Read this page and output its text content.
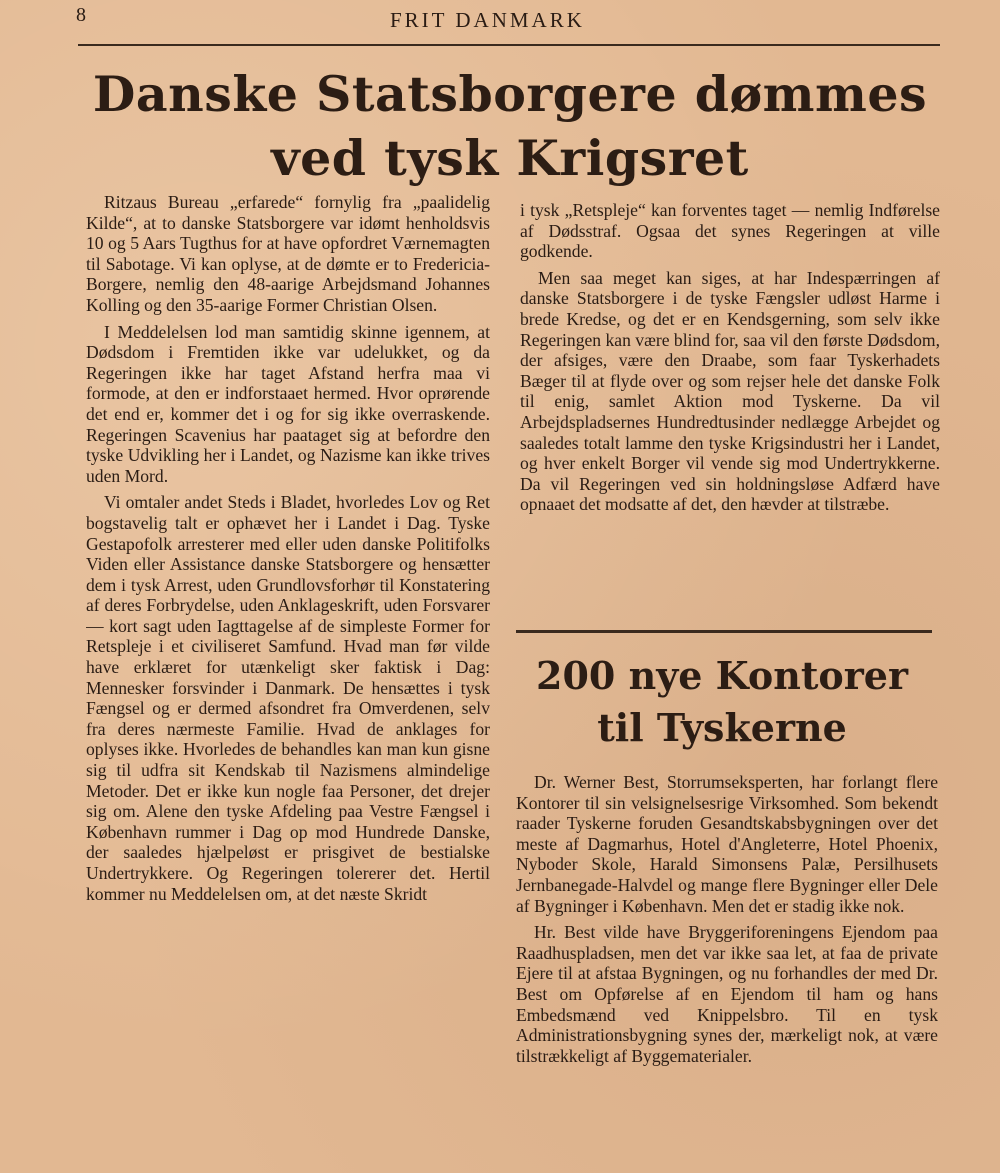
8	FRIT DANMARK
Danske Statsborgere dømmes ved tysk Krigsret

Ritzaus Bureau „erfarede“ fornylig fra „paalidelig Kilde“, at to danske Statsborgere var idømt henholdsvis 10 og 5 Aars Tugthus for at have opfordret Værnemagten til Sabotage. Vi kan oplyse, at de dømte er to Fredericia-Borgere, nemlig den 48-aarige Arbejdsmand Johannes Kolling og den 35-aarige Former Christian Olsen.

I Meddelelsen lod man samtidig skinne igennem, at Dødsdom i Fremtiden ikke var udelukket, og da Regeringen ikke har taget Afstand herfra maa vi formode, at den er indforstaaet hermed. Hvor oprørende det end er, kommer det i og for sig ikke overraskende. Regeringen Scavenius har paataget sig at befordre den tyske Udvikling her i Landet, og Nazisme kan ikke trives uden Mord.

Vi omtaler andet Steds i Bladet, hvorledes Lov og Ret bogstavelig talt er ophævet her i Landet i Dag. Tyske Gestapofolk arresterer med eller uden danske Politifolks Viden eller Assistance danske Statsborgere og hensætter dem i tysk Arrest, uden Grundlovsforhør til Konstatering af deres Forbrydelse, uden Anklageskrift, uden Forsvarer — kort sagt uden Iagttagelse af de simpleste Former for Retspleje i et civiliseret Samfund. Hvad man før vilde have erklæret for utænkeligt sker faktisk i Dag: Mennesker forsvinder i Danmark. De hensættes i tysk Fængsel og er dermed afsondret fra Omverdenen, selv fra deres nærmeste Familie. Hvad de anklages for oplyses ikke. Hvorledes de behandles kan man kun gisne sig til udfra sit Kendskab til Nazismens almindelige Metoder. Det er ikke kun nogle faa Personer, det drejer sig om. Alene den tyske Afdeling paa Vestre Fængsel i København rummer i Dag op mod Hundrede Danske, der saaledes hjælpeløst er prisgivet de bestialske Undertrykkere. Og Regeringen tolererer det. Hertil kommer nu Meddelelsen om, at det næste Skridt

i tysk „Retspleje“ kan forventes taget — nemlig Indførelse af Dødsstraf. Ogsaa det synes Regeringen at ville godkende.

Men saa meget kan siges, at har Indespærringen af danske Statsborgere i de tyske Fængsler udløst Harme i brede Kredse, og det er en Kendsgerning, som selv ikke Regeringen kan være blind for, saa vil den første Dødsdom, der afsiges, være den Draabe, som faar Tyskerhadets Bæger til at flyde over og som rejser hele det danske Folk til enig, samlet Aktion mod Tyskerne. Da vil Arbejdspladsernes Hundredtusinder nedlægge Arbejdet og saaledes totalt lamme den tyske Krigsindustri her i Landet, og hver enkelt Borger vil vende sig mod Undertrykkerne. Da vil Regeringen ved sin holdningsløse Adfærd have opnaaet det modsatte af det, den hævder at tilstræbe.

200 nye Kontorer til Tyskerne

Dr. Werner Best, Storrumseksperten, har forlangt flere Kontorer til sin velsignelsesrige Virksomhed. Som bekendt raader Tyskerne foruden Gesandtskabsbygningen over det meste af Dagmarhus, Hotel d'Angleterre, Hotel Phoenix, Nyboder Skole, Harald Simonsens Palæ, Persilhusets Jernbanegade-Halvdel og mange flere Bygninger eller Dele af Bygninger i København. Men det er stadig ikke nok.

Hr. Best vilde have Bryggeriforeningens Ejendom paa Raadhuspladsen, men det var ikke saa let, at faa de private Ejere til at afstaa Bygningen, og nu forhandles der med Dr. Best om Opførelse af en Ejendom til ham og hans Embedsmænd ved Knippelsbro. Til en tysk Administrationsbygning synes der, mærkeligt nok, at være tilstrækkeligt af Byggematerialer.
